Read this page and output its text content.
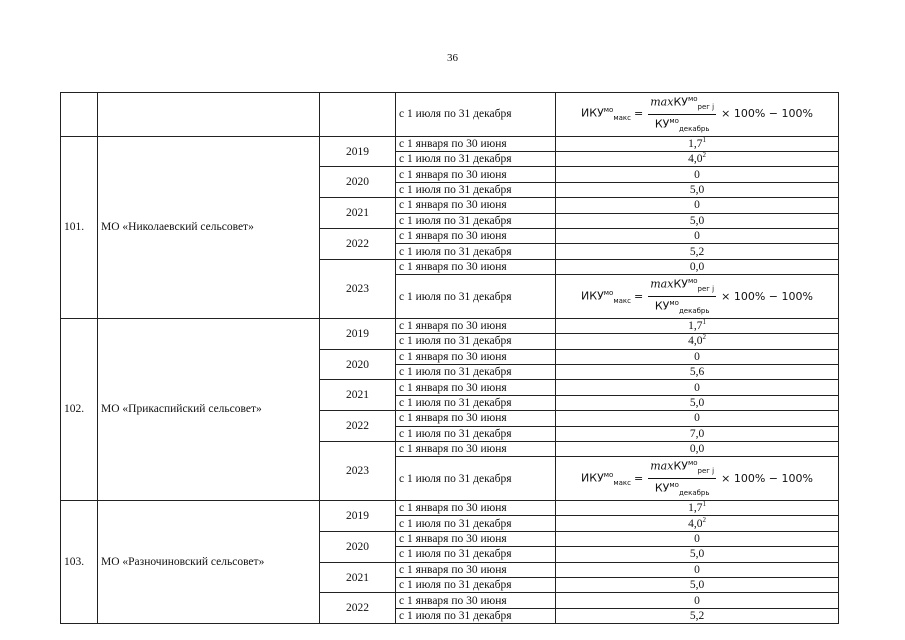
36
			с 1 июля по 31 декабря	$ИКУ^{мо}_{макс} = \frac{\max КУ^{мо}_{рег j}}{КУ^{мо}_{декабрь}} \times 100\% - 100\%$

101.	МО «Николаевский сельсовет»	2019	с 1 января по 30 июня	$1,7^1$
			с 1 июля по 31 декабря	$4,0^2$
		2020	с 1 января по 30 июня	0
			с 1 июля по 31 декабря	5,0
		2021	с 1 января по 30 июня	0
			с 1 июля по 31 декабря	5,0
		2022	с 1 января по 30 июня	0
			с 1 июля по 31 декабря	5,2
		2023	с 1 января по 30 июня	0,0
			с 1 июля по 31 декабря	$ИКУ^{мо}_{макс} = \frac{\max КУ^{мо}_{рег j}}{КУ^{мо}_{декабрь}} \times 100\% - 100\%$

102.	МО «Прикаспийский сельсовет»	2019	с 1 января по 30 июня	$1,7^1$
			с 1 июля по 31 декабря	$4,0^2$
		2020	с 1 января по 30 июня	0
			с 1 июля по 31 декабря	5,6
		2021	с 1 января по 30 июня	0
			с 1 июля по 31 декабря	5,0
		2022	с 1 января по 30 июня	0
			с 1 июля по 31 декабря	7,0
		2023	с 1 января по 30 июня	0,0
			с 1 июля по 31 декабря	$ИКУ^{мо}_{макс} = \frac{\max КУ^{мо}_{рег j}}{КУ^{мо}_{декабрь}} \times 100\% - 100\%$

103.	МО «Разночиновский сельсовет»	2019	с 1 января по 30 июня	$1,7^1$
			с 1 июля по 31 декабря	$4,0^2$
		2020	с 1 января по 30 июня	0
			с 1 июля по 31 декабря	5,0
		2021	с 1 января по 30 июня	0
			с 1 июля по 31 декабря	5,0
		2022	с 1 января по 30 июня	0
			с 1 июля по 31 декабря	5,2
